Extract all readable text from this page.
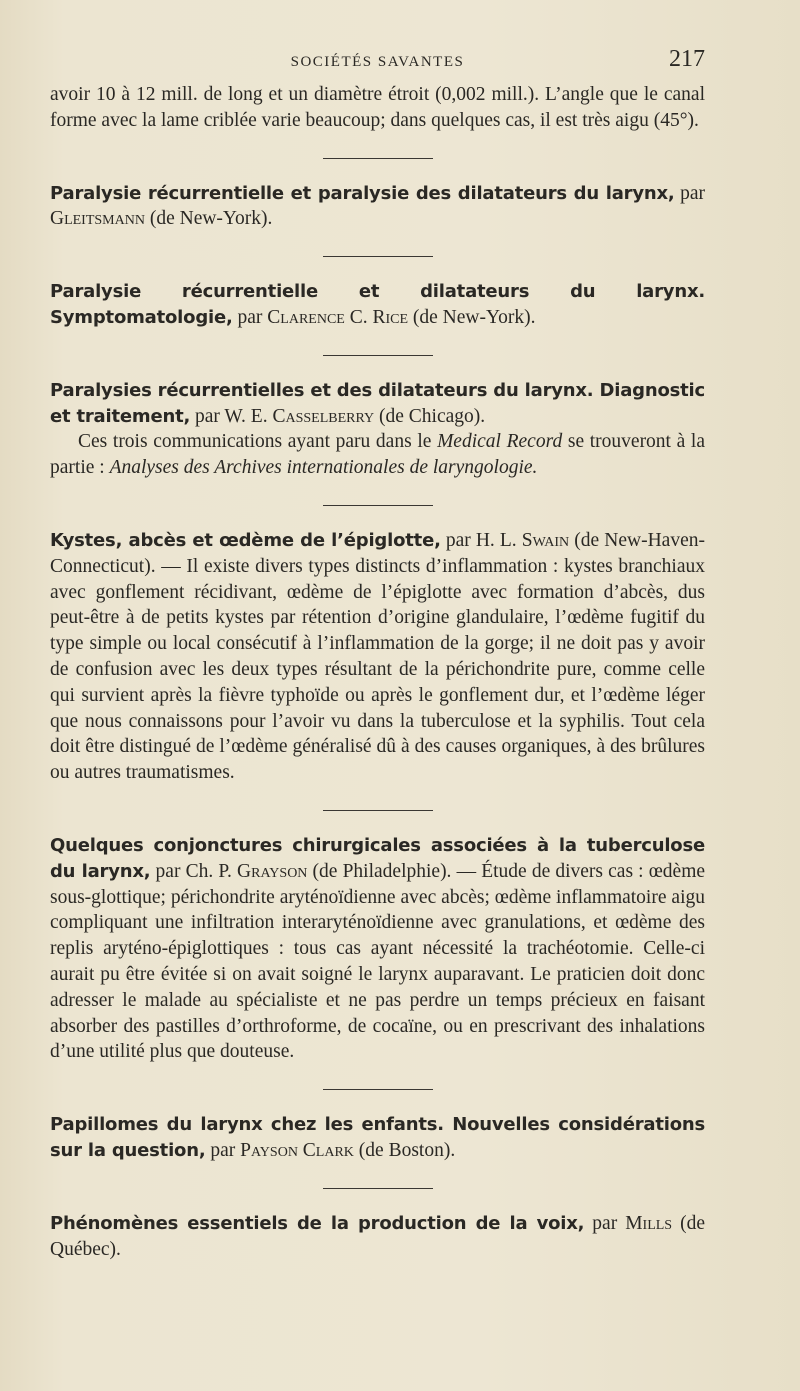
SOCIÉTÉS SAVANTES	217

avoir 10 à 12 mill. de long et un diamètre étroit (0,002 mill.). L’angle que le canal forme avec la lame criblée varie beaucoup; dans quelques cas, il est très aigu (45°).

Paralysie récurrentielle et paralysie des dilatateurs du larynx, par Gleitsmann (de New-York).

Paralysie récurrentielle et dilatateurs du larynx. Symptomatologie, par Clarence C. Rice (de New-York).

Paralysies récurrentielles et des dilatateurs du larynx. Diagnostic et traitement, par W. E. Casselberry (de Chicago).

Ces trois communications ayant paru dans le Medical Record se trouveront à la partie : Analyses des Archives internationales de laryngologie.

Kystes, abcès et œdème de l’épiglotte, par H. L. Swain (de New-Haven-Connecticut). — Il existe divers types distincts d’inflammation : kystes branchiaux avec gonflement récidivant, œdème de l’épiglotte avec formation d’abcès, dus peut-être à de petits kystes par rétention d’origine glandulaire, l’œdème fugitif du type simple ou local consécutif à l’inflammation de la gorge; il ne doit pas y avoir de confusion avec les deux types résultant de la périchondrite pure, comme celle qui survient après la fièvre typhoïde ou après le gonflement dur, et l’œdème léger que nous connaissons pour l’avoir vu dans la tuberculose et la syphilis. Tout cela doit être distingué de l’œdème généralisé dû à des causes organiques, à des brûlures ou autres traumatismes.

Quelques conjonctures chirurgicales associées à la tuberculose du larynx, par Ch. P. Grayson (de Philadelphie). — Étude de divers cas : œdème sous-glottique; périchondrite aryténoïdienne avec abcès; œdème inflammatoire aigu compliquant une infiltration interaryténoïdienne avec granulations, et œdème des replis aryténo-épiglottiques : tous cas ayant nécessité la trachéotomie. Celle-ci aurait pu être évitée si on avait soigné le larynx auparavant. Le praticien doit donc adresser le malade au spécialiste et ne pas perdre un temps précieux en faisant absorber des pastilles d’orthroforme, de cocaïne, ou en prescrivant des inhalations d’une utilité plus que douteuse.

Papillomes du larynx chez les enfants. Nouvelles considérations sur la question, par Payson Clark (de Boston).

Phénomènes essentiels de la production de la voix, par Mills (de Québec).
